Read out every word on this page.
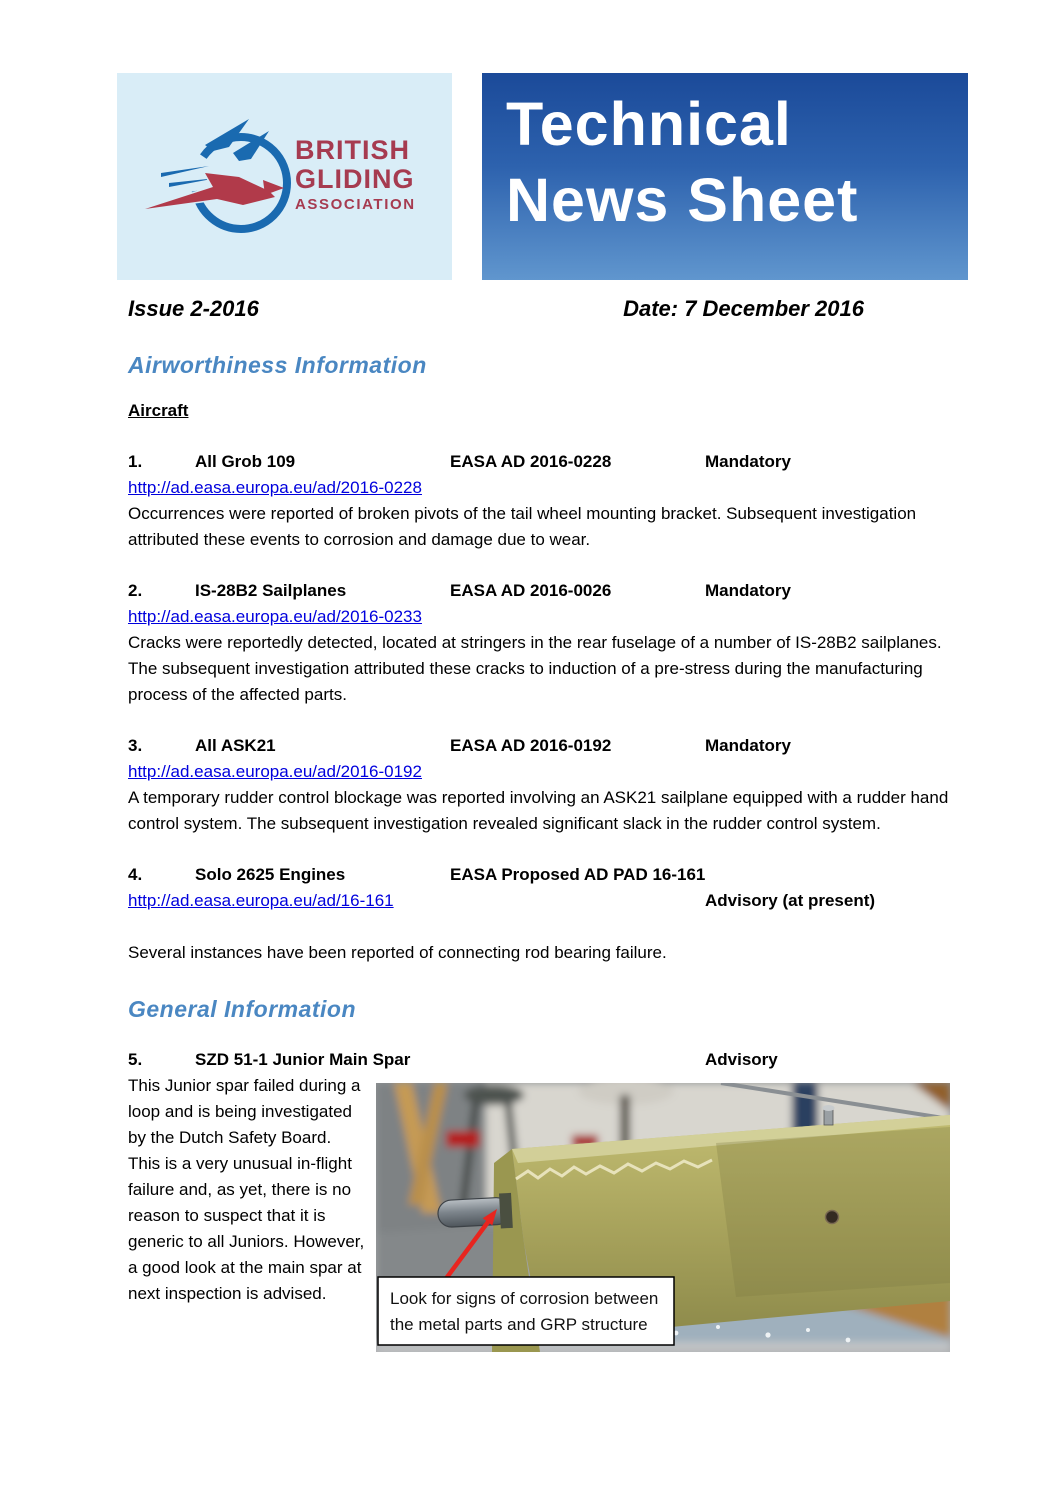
BRITISH
GLIDING
ASSOCIATION
Technical
News Sheet
Issue 2-2016	Date: 7 December 2016
Airworthiness Information
Aircraft
1.	All Grob 109	EASA AD 2016-0228	Mandatory
http://ad.easa.europa.eu/ad/2016-0228
Occurrences were reported of broken pivots of the tail wheel mounting bracket. Subsequent investigation attributed these events to corrosion and damage due to wear.
2.	IS-28B2 Sailplanes	EASA AD 2016-0026	Mandatory
http://ad.easa.europa.eu/ad/2016-0233
Cracks were reportedly detected, located at stringers in the rear fuselage of a number of IS-28B2 sailplanes. The subsequent investigation attributed these cracks to induction of a pre-stress during the manufacturing process of the affected parts.
3.	All ASK21	EASA AD 2016-0192	Mandatory
http://ad.easa.europa.eu/ad/2016-0192
A temporary rudder control blockage was reported involving an ASK21 sailplane equipped with a rudder hand control system. The subsequent investigation revealed significant slack in the rudder control system.
4.	Solo 2625 Engines	EASA Proposed AD PAD 16-161
http://ad.easa.europa.eu/ad/16-161	Advisory (at present)
Several instances have been reported of connecting rod bearing failure.
General Information
5.	SZD 51-1 Junior Main Spar	Advisory
This Junior spar failed during a loop and is being investigated by the Dutch Safety Board. This is a very unusual in-flight failure and, as yet, there is no reason to suspect that it is generic to all Juniors. However, a good look at the main spar at next inspection is advised.	Look for signs of corrosion between
the metal parts and GRP structure
